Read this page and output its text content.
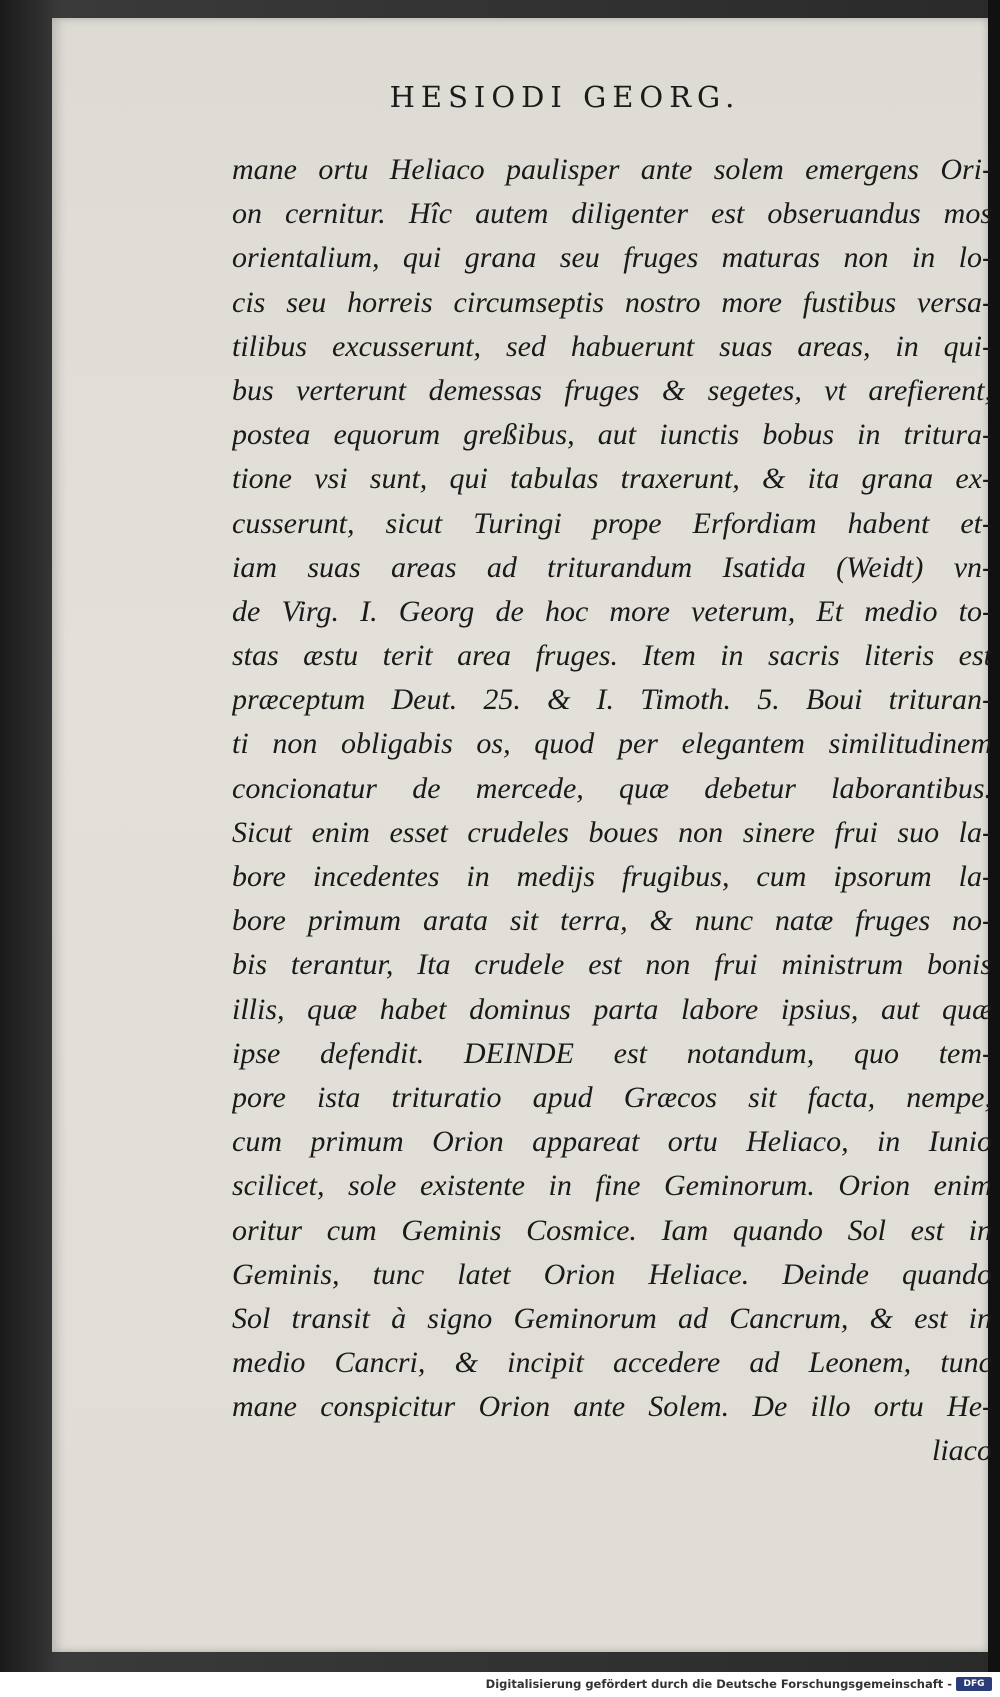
HESIODI GEORG.
mane ortu Heliaco paulisper ante solem emergens Ori-
on cernitur. Hîc autem diligenter est obseruandus mos
orientalium, qui grana seu fruges maturas non in lo-
cis seu horreis circumseptis nostro more fustibus versa-
tilibus excusserunt, sed habuerunt suas areas, in qui-
bus verterunt demessas fruges & segetes, vt arefierent,
postea equorum greßibus, aut iunctis bobus in tritura-
tione vsi sunt, qui tabulas traxerunt, & ita grana ex-
cusserunt, sicut Turingi prope Erfordiam habent et-
iam suas areas ad triturandum Isatida (Weidt) vn-
de Virg. I. Georg de hoc more veterum, Et medio to-
stas æstu terit area fruges. Item in sacris literis est
præceptum Deut. 25. & I. Timoth. 5. Boui trituran-
ti non obligabis os, quod per elegantem similitudinem
concionatur de mercede, quæ debetur laborantibus.
Sicut enim esset crudeles boues non sinere frui suo la-
bore incedentes in medijs frugibus, cum ipsorum la-
bore primum arata sit terra, & nunc natæ fruges no-
bis terantur, Ita crudele est non frui ministrum bonis
illis, quæ habet dominus parta labore ipsius, aut quæ
ipse defendit. DEINDE est notandum, quo tem-
pore ista trituratio apud Græcos sit facta, nempe,
cum primum Orion appareat ortu Heliaco, in Iunio
scilicet, sole existente in fine Geminorum. Orion enim
oritur cum Geminis Cosmice. Iam quando Sol est in
Geminis, tunc latet Orion Heliace. Deinde quando
Sol transit à signo Geminorum ad Cancrum, & est in
medio Cancri, & incipit accedere ad Leonem, tunc
mane conspicitur Orion ante Solem. De illo ortu He-
liaco
Digitalisierung gefördert durch die Deutsche Forschungsgemeinschaft -	DFG
